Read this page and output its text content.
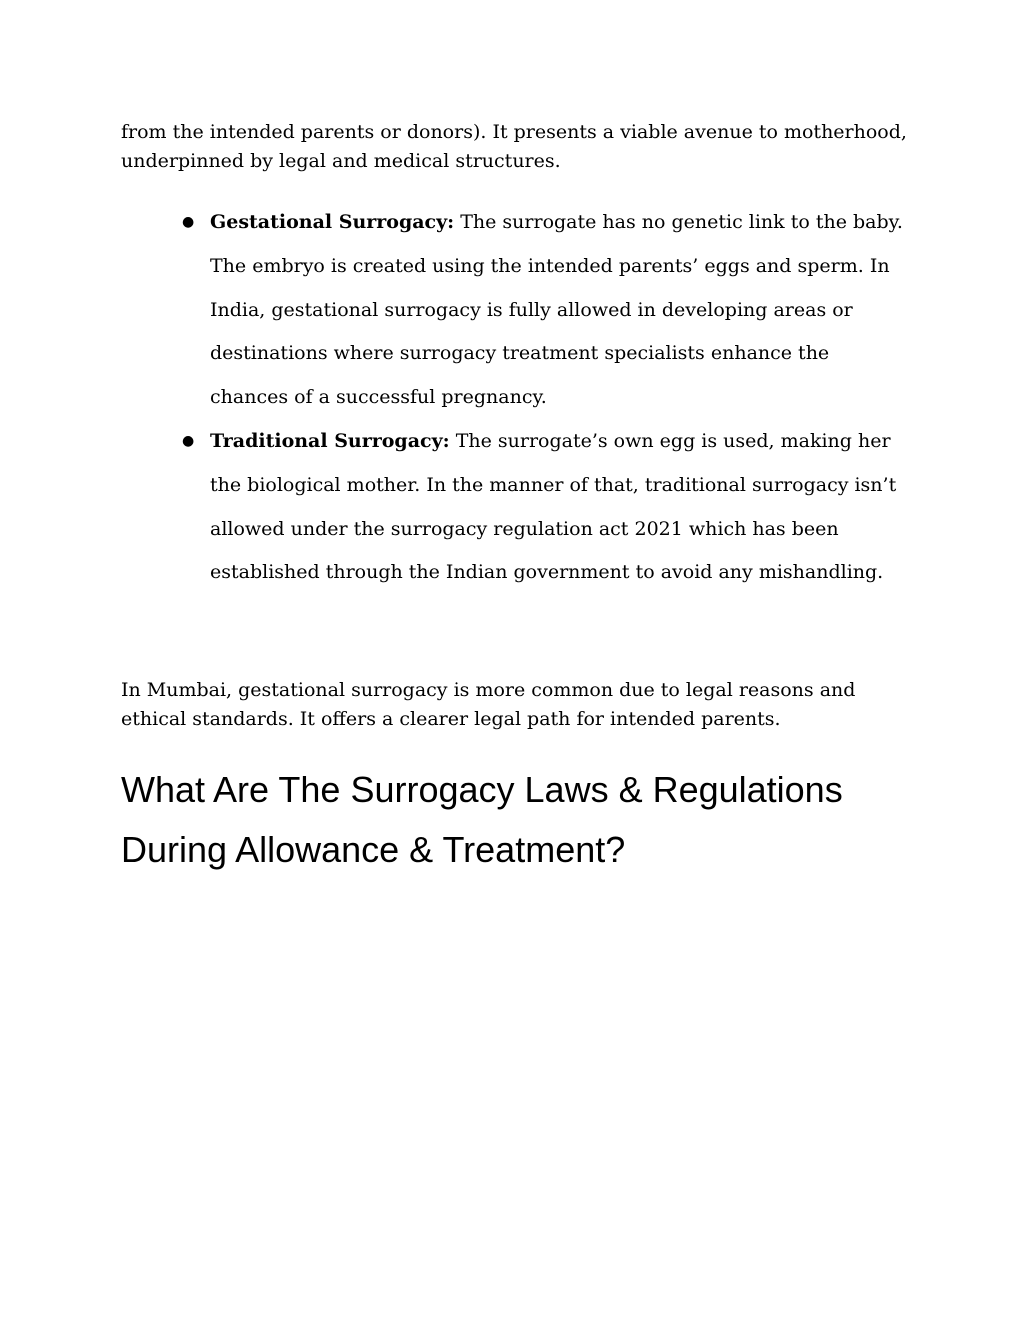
from the intended parents or donors). It presents a viable avenue to motherhood, underpinned by legal and medical structures.

● Gestational Surrogacy: The surrogate has no genetic link to the baby. The embryo is created using the intended parents’ eggs and sperm. In India, gestational surrogacy is fully allowed in developing areas or destinations where surrogacy treatment specialists enhance the chances of a successful pregnancy.
● Traditional Surrogacy: The surrogate’s own egg is used, making her the biological mother. In the manner of that, traditional surrogacy isn’t allowed under the surrogacy regulation act 2021 which has been established through the Indian government to avoid any mishandling.

In Mumbai, gestational surrogacy is more common due to legal reasons and ethical standards. It offers a clearer legal path for intended parents.

What Are The Surrogacy Laws & Regulations During Allowance & Treatment?
